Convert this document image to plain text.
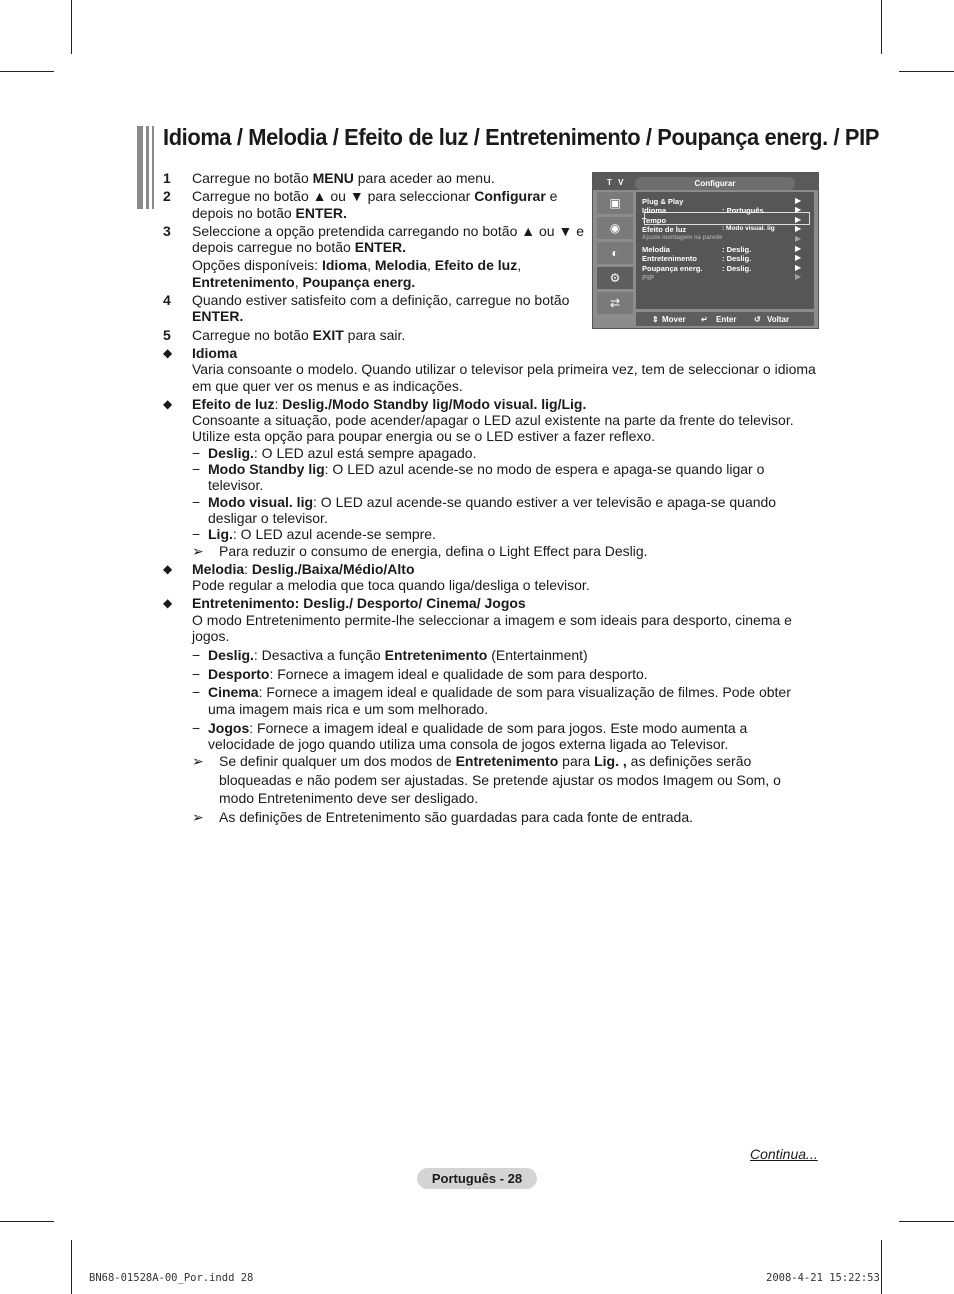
Idioma / Melodia / Efeito de luz / Entretenimento / Poupança energ. / PIP
1	Carregue no botão MENU para aceder ao menu.
2	Carregue no botão ▲ ou ▼ para seleccionar Configurar e depois no botão ENTER.
3	Seleccione a opção pretendida carregando no botão ▲ ou ▼ e depois carregue no botão ENTER.
Opções disponíveis: Idioma, Melodia, Efeito de luz, Entretenimento, Poupança energ.
4	Quando estiver satisfeito com a definição, carregue no botão ENTER.
5	Carregue no botão EXIT para sair.
◆	Idioma
Varia consoante o modelo. Quando utilizar o televisor pela primeira vez, tem de seleccionar o idioma em que quer ver os menus e as indicações.
◆	Efeito de luz: Deslig./Modo Standby lig/Modo visual. lig/Lig.
Consoante a situação, pode acender/apagar o LED azul existente na parte da frente do televisor. Utilize esta opção para poupar energia ou se o LED estiver a fazer reflexo.
− Deslig.: O LED azul está sempre apagado.
− Modo Standby lig: O LED azul acende-se no modo de espera e apaga-se quando ligar o televisor.
− Modo visual. lig: O LED azul acende-se quando estiver a ver televisão e apaga-se quando desligar o televisor.
− Lig.: O LED azul acende-se sempre.
➢	Para reduzir o consumo de energia, defina o Light Effect para Deslig.
◆	Melodia: Deslig./Baixa/Médio/Alto
Pode regular a melodia que toca quando liga/desliga o televisor.
◆	Entretenimento: Deslig./ Desporto/ Cinema/ Jogos
O modo Entretenimento permite-lhe seleccionar a imagem e som ideais para desporto, cinema e jogos.
− Deslig.: Desactiva a função Entretenimento (Entertainment)
− Desporto: Fornece a imagem ideal e qualidade de som para desporto.
− Cinema: Fornece a imagem ideal e qualidade de som para visualização de filmes. Pode obter uma imagem mais rica e um som melhorado.
− Jogos: Fornece a imagem ideal e qualidade de som para jogos. Este modo aumenta a velocidade de jogo quando utiliza uma consola de jogos externa ligada ao Televisor.
➢	Se definir qualquer um dos modos de Entretenimento para Lig. , as definições serão bloqueadas e não podem ser ajustadas. Se pretende ajustar os modos Imagem ou Som, o modo Entretenimento deve ser desligado.
➢	As definições de Entretenimento são guardadas para cada fonte de entrada.
T V	Configurar
▣
◉
◐
⚙
⇄
Plug & Play	▶
Idioma	: Português	▶
Tempo	▶
Efeito de luz	: Modo visual. lig	▶
Ajuste montagem na parede	▶
Melodia	: Deslig.	▶
Entretenimento	: Deslig.	▶
Poupança energ.	: Deslig.	▶
PIP	▶
⇕ Mover ↵ Enter ↺ Voltar
Continua...
Português - 28
BN68-01528A-00_Por.indd 28	2008-4-21 15:22:53
